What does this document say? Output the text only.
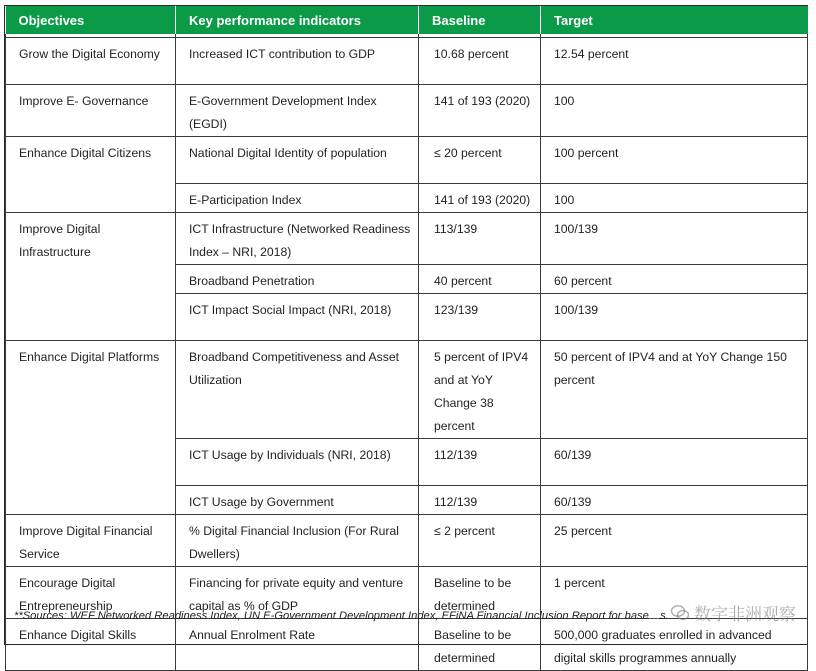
Objectives	Key performance indicators	Baseline	Target

Grow the Digital Economy	Increased ICT contribution to GDP	10.68 percent	12.54 percent
Improve E- Governance	E-Government Development Index (EGDI)	141 of 193 (2020)	100
Enhance Digital Citizens	National Digital Identity of population	≤ 20 percent	100 percent
	E-Participation Index	141 of 193 (2020)	100
Improve Digital Infrastructure	ICT Infrastructure (Networked Readiness Index – NRI, 2018)	113/139	100/139
	Broadband Penetration	40 percent	60 percent
	ICT Impact Social Impact (NRI, 2018)	123/139	100/139
Enhance Digital Platforms	Broadband Competitiveness and Asset Utilization	5 percent of IPV4 and at YoY Change 38 percent	50 percent of IPV4 and at YoY Change 150 percent
	ICT Usage by Individuals (NRI, 2018)	112/139	60/139
	ICT Usage by Government	112/139	60/139
Improve Digital Financial Service	% Digital Financial Inclusion (For Rural Dwellers)	≤ 2 percent	25 percent
Encourage Digital Entrepreneurship	Financing for private equity and venture capital as % of GDP	Baseline to be determined	1 percent
Enhance Digital Skills	Annual Enrolment Rate	Baseline to be determined	500,000 graduates enrolled in advanced digital skills programmes annually
**Sources: WEF Networked Readiness Index, UN E-Government Development Index, EFiNA Financial Inclusion Report for base…s. 数字非洲观察
